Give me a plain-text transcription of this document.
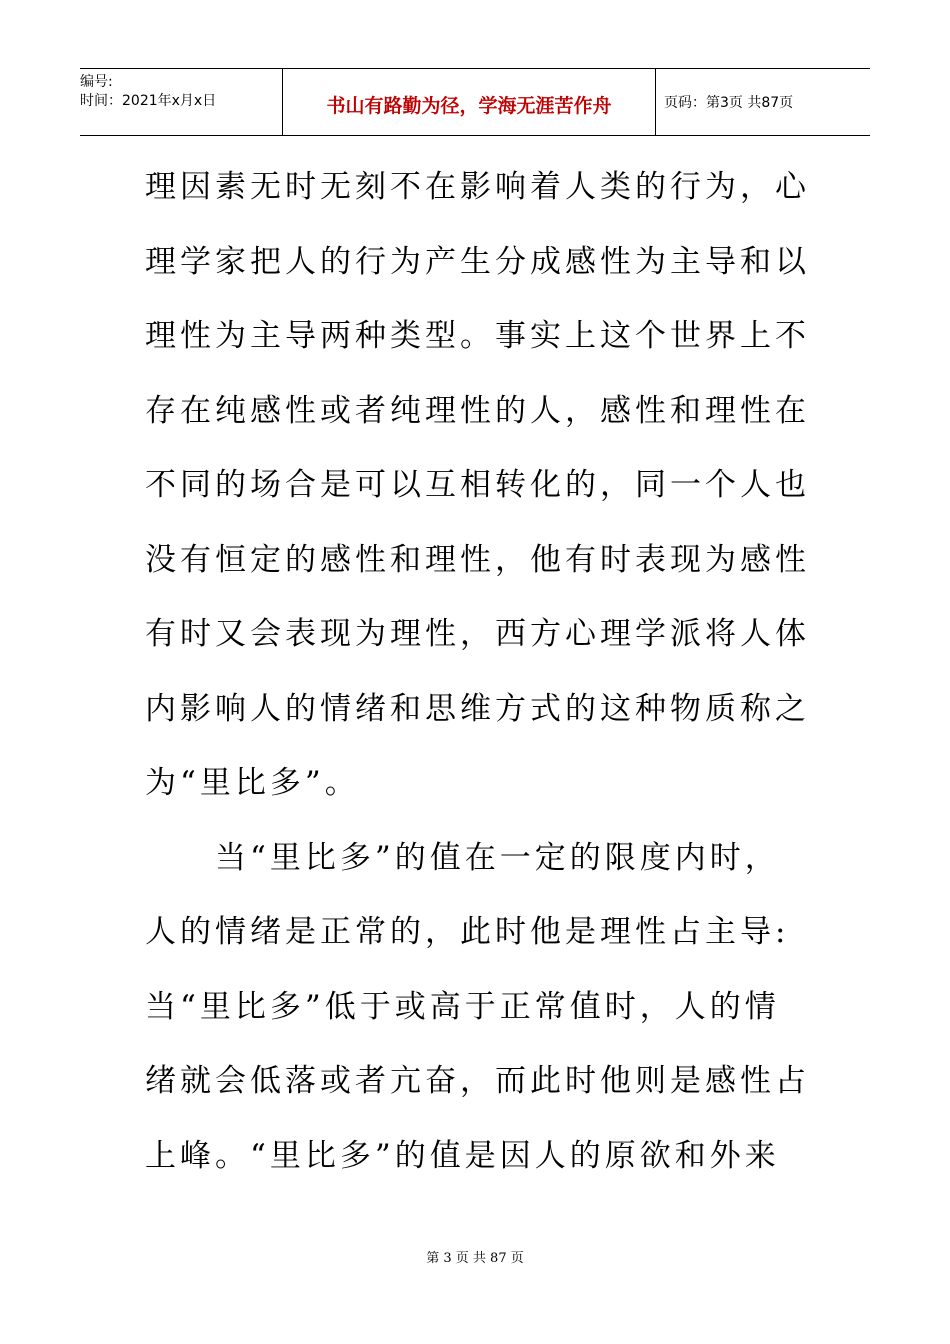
编号:
时间：2021年x月x日	书山有路勤为径，学海无涯苦作舟	页码：第3页 共87页
理因素无时无刻不在影响着人类的行为，心
理学家把人的行为产生分成感性为主导和以
理性为主导两种类型。事实上这个世界上不
存在纯感性或者纯理性的人，感性和理性在
不同的场合是可以互相转化的，同一个人也
没有恒定的感性和理性，他有时表现为感性
有时又会表现为理性，西方心理学派将人体
内影响人的情绪和思维方式的这种物质称之
为“里比多”。
　　当“里比多”的值在一定的限度内时，
人的情绪是正常的，此时他是理性占主导:
当“里比多”低于或高于正常值时，人的情
绪就会低落或者亢奋，而此时他则是感性占
上峰。“里比多”的值是因人的原欲和外来
第 3 页 共 87 页
